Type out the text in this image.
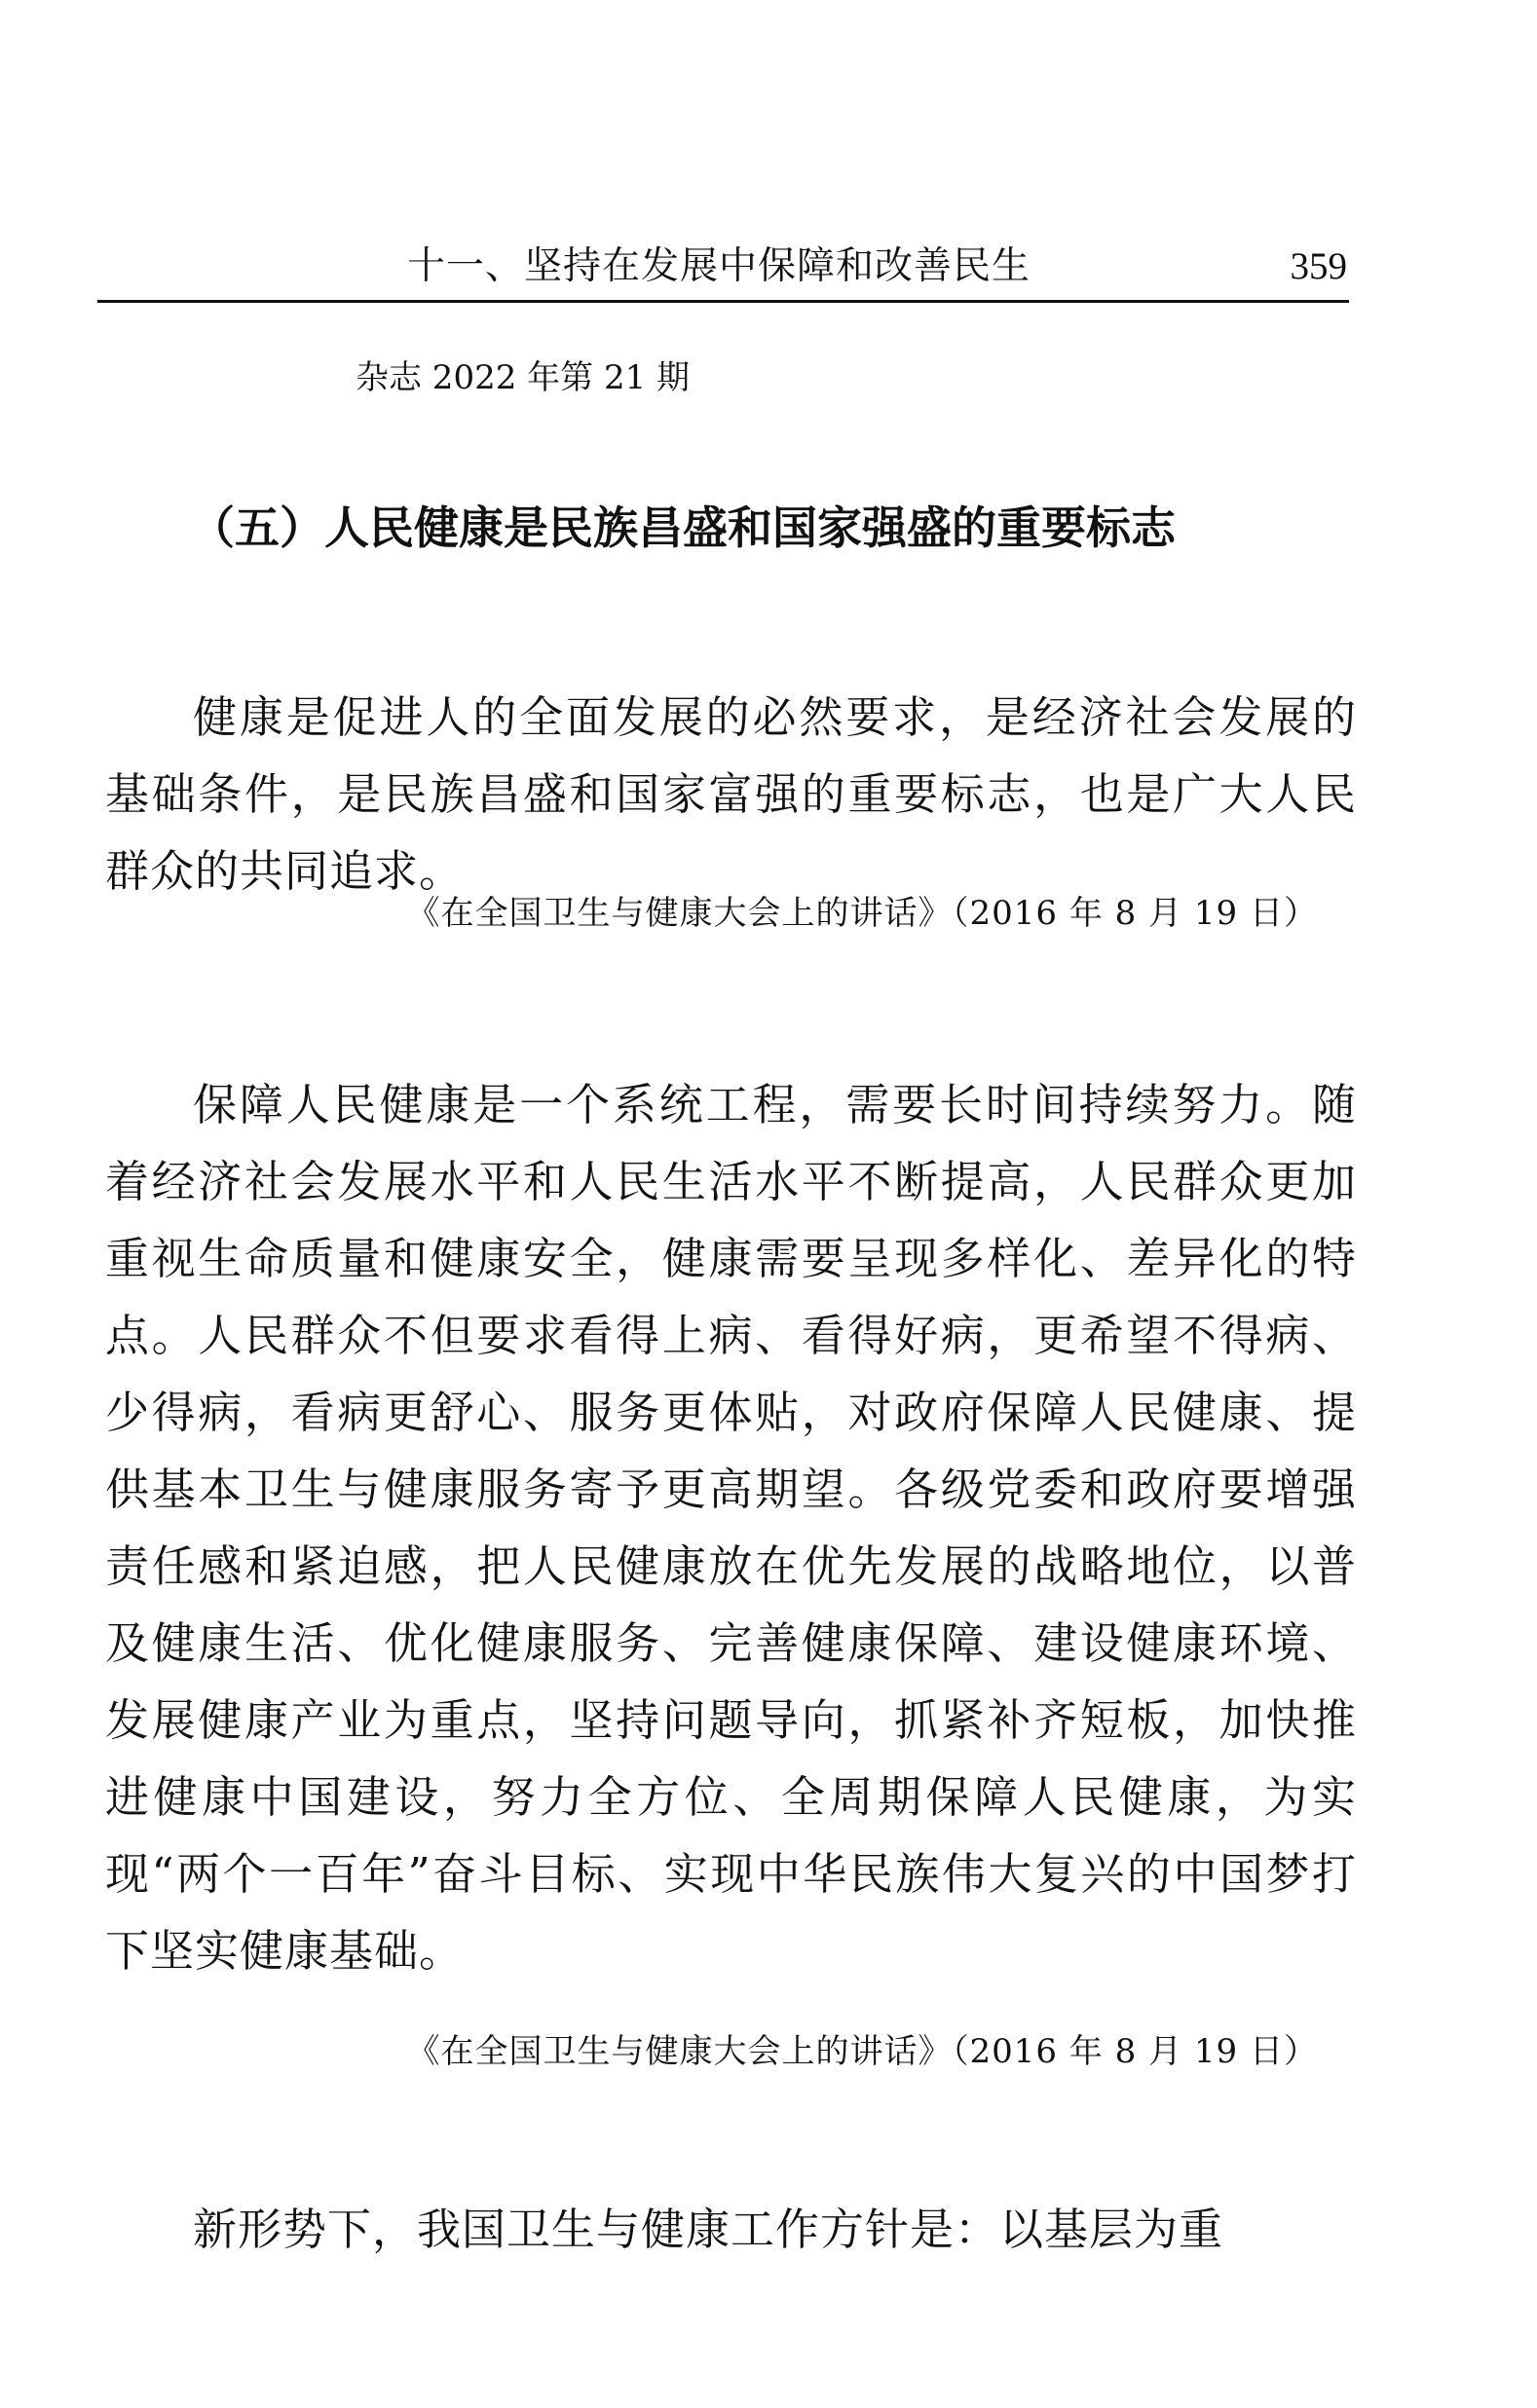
十一、坚持在发展中保障和改善民生	359
杂志 2022 年第 21 期
（五）人民健康是民族昌盛和国家强盛的重要标志

健康是促进人的全面发展的必然要求，是经济社会发展的基础条件，是民族昌盛和国家富强的重要标志，也是广大人民群众的共同追求。

《在全国卫生与健康大会上的讲话》（2016 年 8 月 19 日）

保障人民健康是一个系统工程，需要长时间持续努力。随着经济社会发展水平和人民生活水平不断提高，人民群众更加重视生命质量和健康安全，健康需要呈现多样化、差异化的特点。人民群众不但要求看得上病、看得好病，更希望不得病、少得病，看病更舒心、服务更体贴，对政府保障人民健康、提供基本卫生与健康服务寄予更高期望。各级党委和政府要增强责任感和紧迫感，把人民健康放在优先发展的战略地位，以普及健康生活、优化健康服务、完善健康保障、建设健康环境、发展健康产业为重点，坚持问题导向，抓紧补齐短板，加快推进健康中国建设，努力全方位、全周期保障人民健康，为实现“两个一百年”奋斗目标、实现中华民族伟大复兴的中国梦打下坚实健康基础。

《在全国卫生与健康大会上的讲话》（2016 年 8 月 19 日）

新形势下，我国卫生与健康工作方针是：以基层为重
